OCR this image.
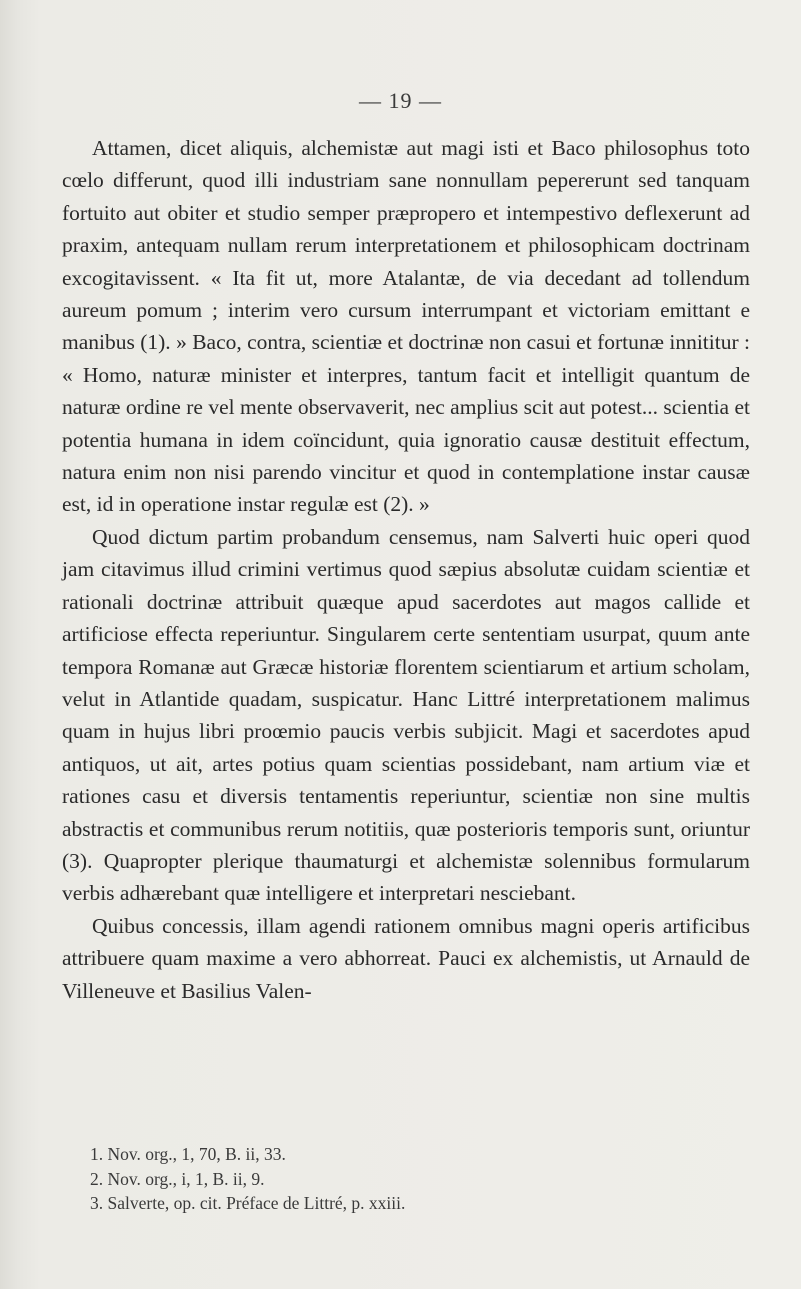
— 19 —

Attamen, dicet aliquis, alchemistæ aut magi isti et Baco philosophus toto cœlo differunt, quod illi industriam sane nonnullam pepererunt sed tanquam fortuito aut obiter et studio semper præpropero et intempestivo deflexerunt ad praxim, antequam nullam rerum interpretationem et philosophicam doctrinam excogitavissent. « Ita fit ut, more Atalantæ, de via decedant ad tollendum aureum pomum ; interim vero cursum interrumpant et victoriam emittant e manibus (1). » Baco, contra, scientiæ et doctrinæ non casui et fortunæ innititur : « Homo, naturæ minister et interpres, tantum facit et intelligit quantum de naturæ ordine re vel mente observaverit, nec amplius scit aut potest... scientia et potentia humana in idem coïncidunt, quia ignoratio causæ destituit effectum, natura enim non nisi parendo vincitur et quod in contemplatione instar causæ est, id in operatione instar regulæ est (2). »

Quod dictum partim probandum censemus, nam Salverti huic operi quod jam citavimus illud crimini vertimus quod sæpius absolutæ cuidam scientiæ et rationali doctrinæ attribuit quæque apud sacerdotes aut magos callide et artificiose effecta reperiuntur. Singularem certe sententiam usurpat, quum ante tempora Romanæ aut Græcæ historiæ florentem scientiarum et artium scholam, velut in Atlantide quadam, suspicatur. Hanc Littré interpretationem malimus quam in hujus libri proœmio paucis verbis subjicit. Magi et sacerdotes apud antiquos, ut ait, artes potius quam scientias possidebant, nam artium viæ et rationes casu et diversis tentamentis reperiuntur, scientiæ non sine multis abstractis et communibus rerum notitiis, quæ posterioris temporis sunt, oriuntur (3). Quapropter plerique thaumaturgi et alchemistæ solennibus formularum verbis adhærebant quæ intelligere et interpretari nesciebant.

Quibus concessis, illam agendi rationem omnibus magni operis artificibus attribuere quam maxime a vero abhorreat. Pauci ex alchemistis, ut Arnauld de Villeneuve et Basilius Valen-

1. Nov. org., 1, 70, B. ii, 33.

2. Nov. org., i, 1, B. ii, 9.

3. Salverte, op. cit. Préface de Littré, p. xxiii.
